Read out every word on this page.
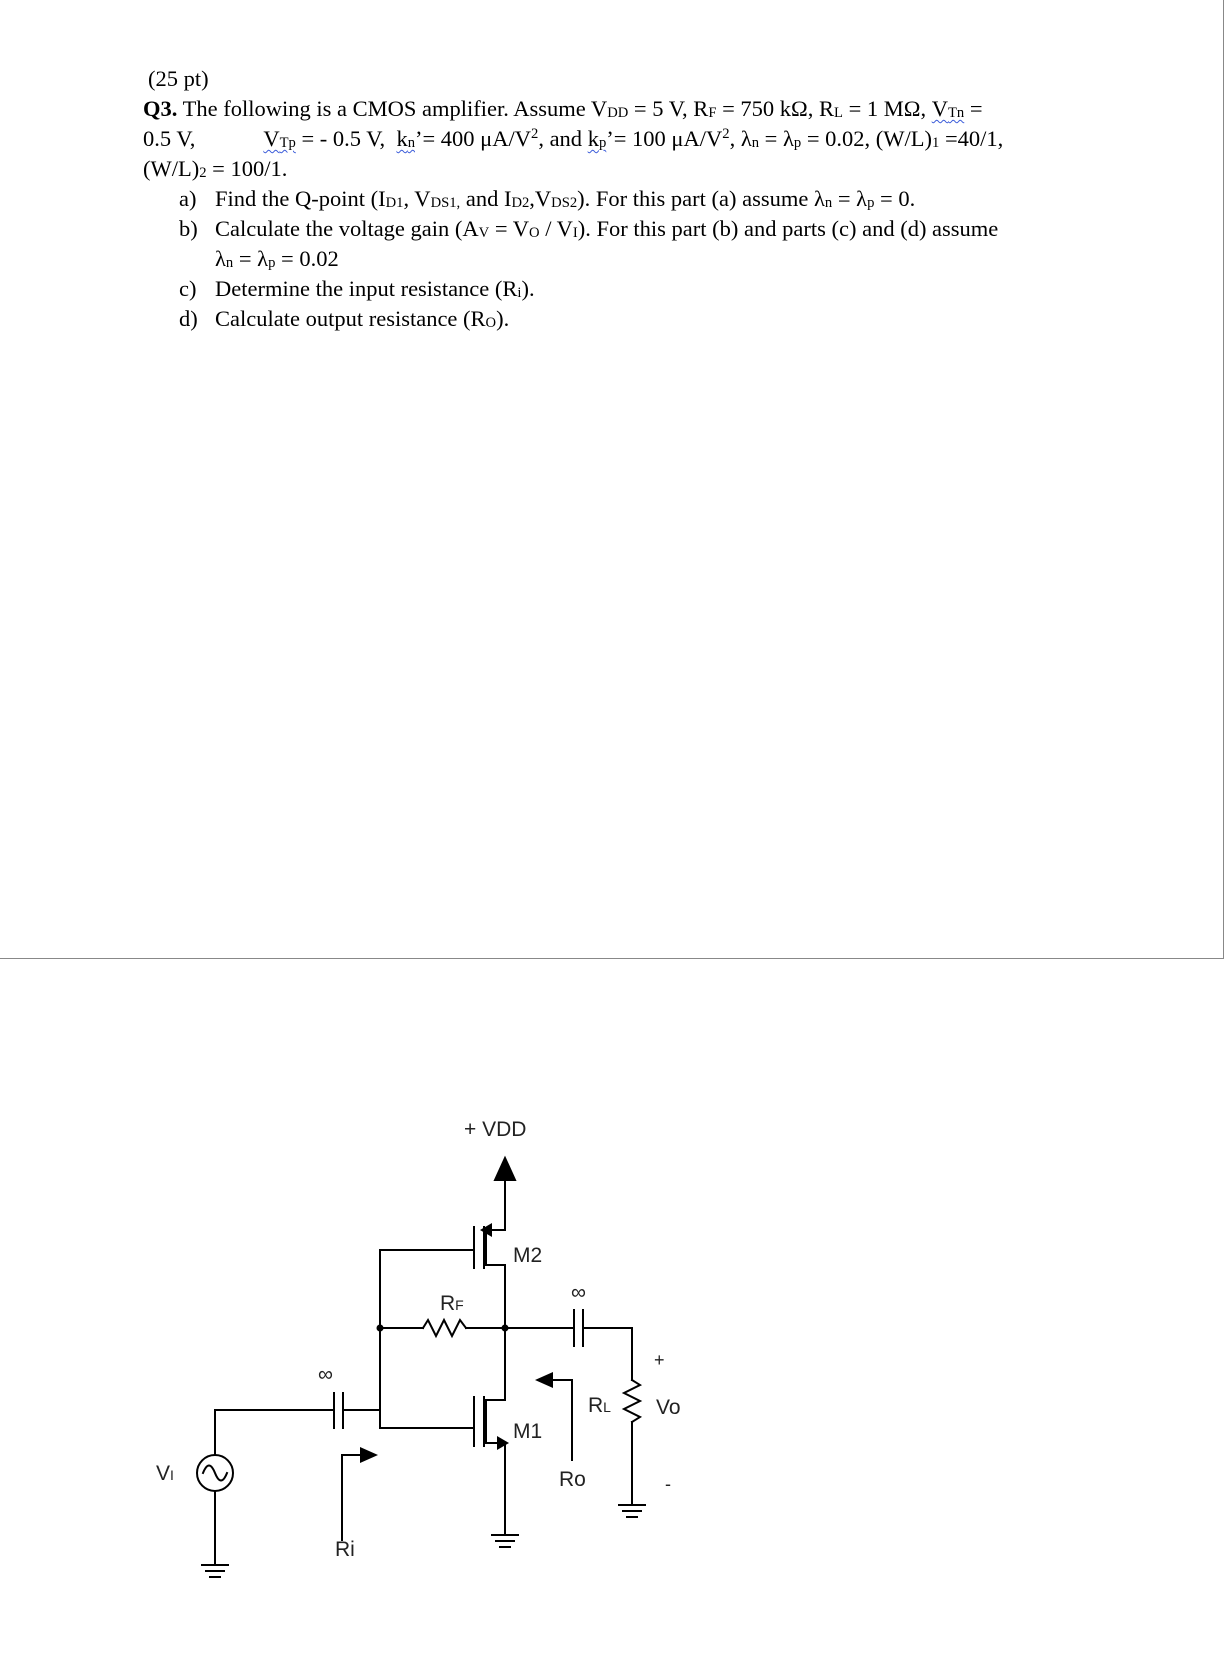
(25 pt)
Q3. The following is a CMOS amplifier. Assume $V_{DD} = 5$ V, $R_F = 750$ kΩ, $R_L = 1$ MΩ, $V_{Tn}$ =
0.5 V,	$V_{Tp}$ = - 0.5 V, $k_n’= 400$ $\mu A/V^2$, and $k_p’= 100$ $\mu A/V^2$, $\lambda_n = \lambda_p = 0.02$, $(W/L)_1 =40/1$,
$(W/L)_2 = 100/1$.
a) Find the Q-point ($I_{D1}$, $V_{DS1,}$ and $I_{D2},V_{DS2}$). For this part (a) assume $\lambda_n = \lambda_p = 0$.
b) Calculate the voltage gain $(A_V = V_O / V_I)$. For this part (b) and parts (c) and (d) assume
$\lambda_n = \lambda_p = 0.02$
c) Determine the input resistance $(R_i)$.
d) Calculate output resistance $(R_O)$.
+ VDD
M2
M1
RF
RL Vo
+
-
Ro
Ri
VI
∞
∞
